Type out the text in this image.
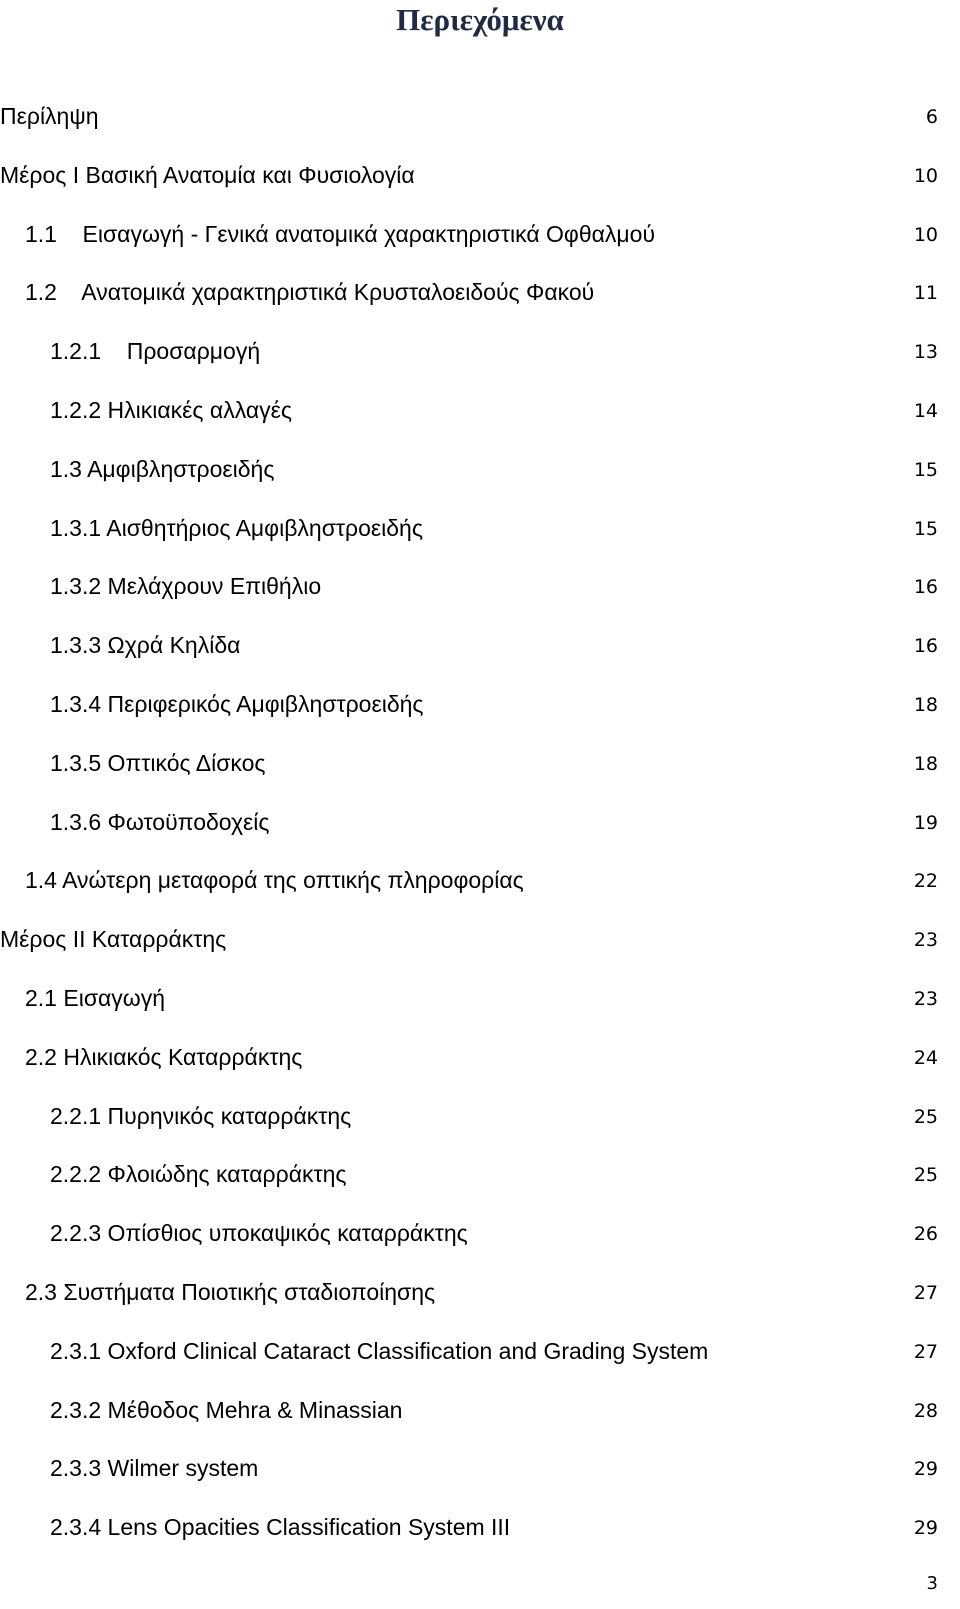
Περιεχόμενα
Περίληψη	6
Μέρος Ι Βασική Ανατομία και Φυσιολογία	10
1.1    Εισαγωγή - Γενικά ανατομικά χαρακτηριστικά Οφθαλμού	10
1.2    Ανατομικά χαρακτηριστικά Κρυσταλοειδούς Φακού	11
1.2.1    Προσαρμογή	13
1.2.2 Ηλικιακές αλλαγές	14
1.3 Αμφιβληστροειδής	15
1.3.1 Αισθητήριος Αμφιβληστροειδής	15
1.3.2 Μελάχρουν Επιθήλιο	16
1.3.3 Ωχρά Κηλίδα	16
1.3.4 Περιφερικός Αμφιβληστροειδής	18
1.3.5 Οπτικός Δίσκος	18
1.3.6 Φωτοϋποδοχείς	19
1.4 Ανώτερη μεταφορά της οπτικής πληροφορίας	22
Μέρος ΙΙ Καταρράκτης	23
2.1 Εισαγωγή	23
2.2 Ηλικιακός Καταρράκτης	24
2.2.1 Πυρηνικός καταρράκτης	25
2.2.2 Φλοιώδης καταρράκτης	25
2.2.3 Οπίσθιος υποκαψικός καταρράκτης	26
2.3 Συστήματα Ποιοτικής σταδιοποίησης	27
2.3.1 Oxford Clinical Cataract Classification and Grading System	27
2.3.2 Μέθοδος Mehra & Minassian	28
2.3.3 Wilmer system	29
2.3.4 Lens Opacities Classification System III	29
3
